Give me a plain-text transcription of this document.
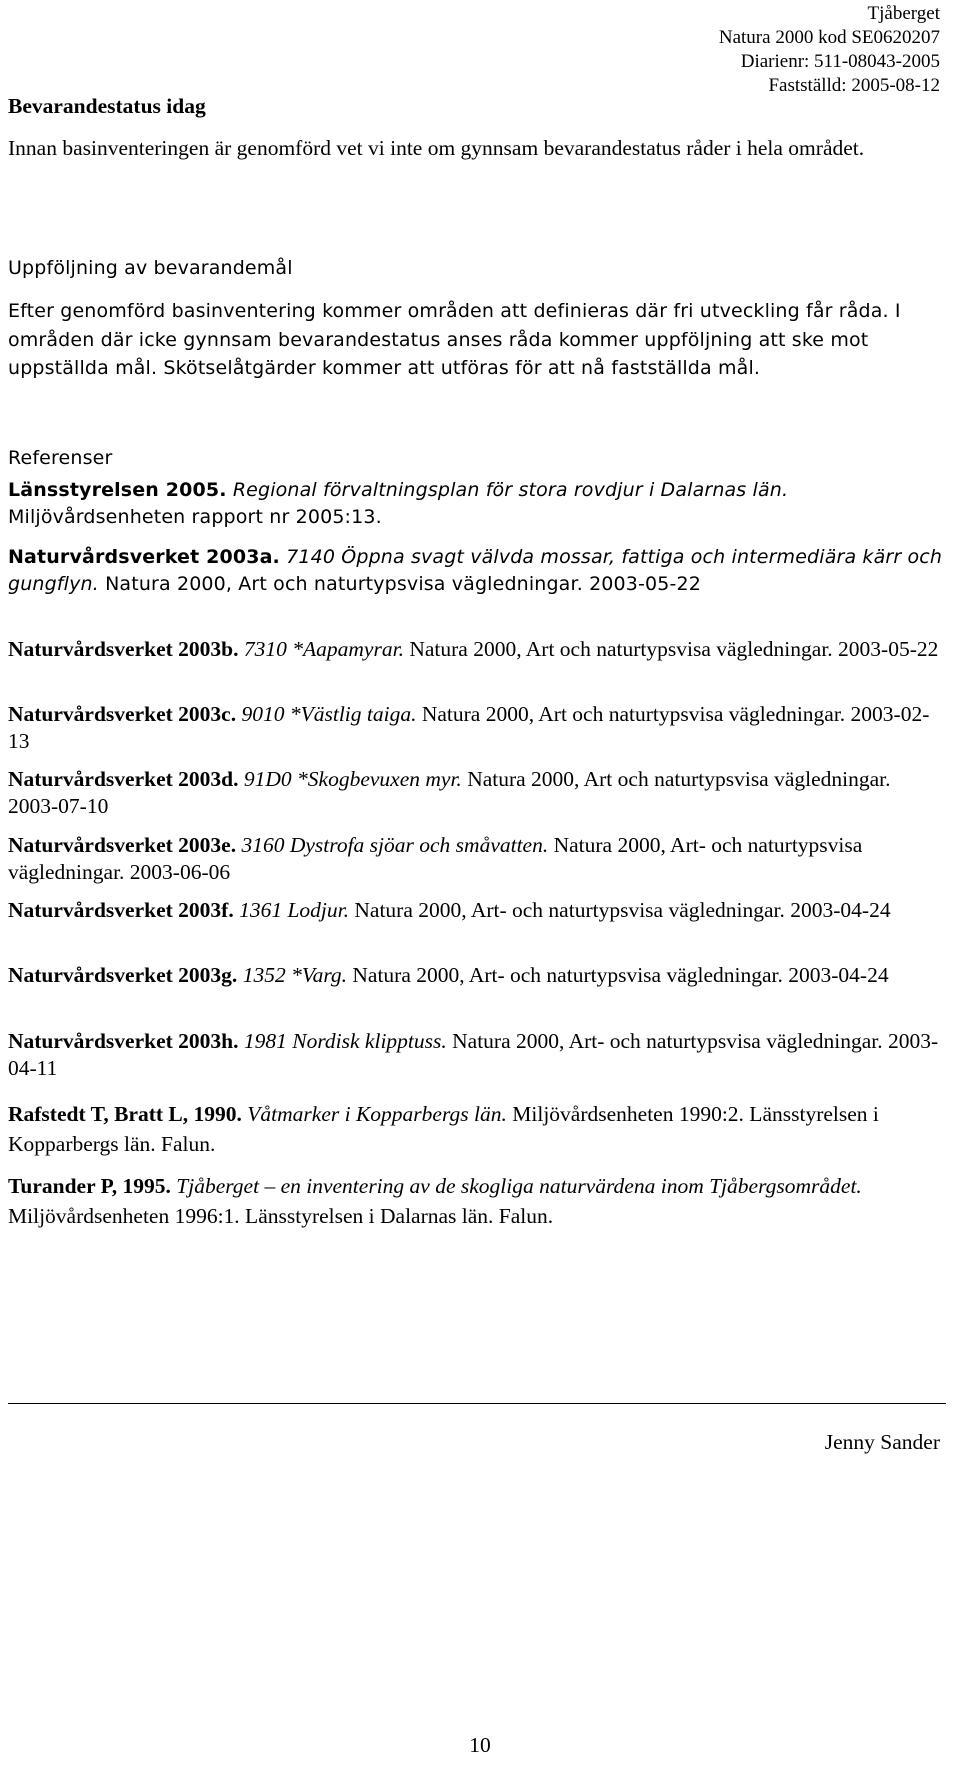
Tjåberget
Natura 2000 kod SE0620207
Diarienr: 511-08043-2005
Fastställd: 2005-08-12
Bevarandestatus idag
Innan basinventeringen är genomförd vet vi inte om gynnsam bevarandestatus råder i hela området.
Uppföljning av bevarandemål
Efter genomförd basinventering kommer områden att definieras där fri utveckling får råda. I områden där icke gynnsam bevarandestatus anses råda kommer uppföljning att ske mot uppställda mål. Skötselåtgärder kommer att utföras för att nå fastställda mål.
Referenser
Länsstyrelsen 2005. Regional förvaltningsplan för stora rovdjur i Dalarnas län. Miljövårdsenheten rapport nr 2005:13.
Naturvårdsverket 2003a. 7140 Öppna svagt välvda mossar, fattiga och intermediära kärr och gungflyn. Natura 2000, Art och naturtypsvisa vägledningar. 2003-05-22
Naturvårdsverket 2003b. 7310 *Aapamyrar. Natura 2000, Art och naturtypsvisa vägledningar. 2003-05-22
Naturvårdsverket 2003c. 9010 *Västlig taiga. Natura 2000, Art och naturtypsvisa vägledningar. 2003-02-13
Naturvårdsverket 2003d. 91D0 *Skogbevuxen myr. Natura 2000, Art och naturtypsvisa vägledningar. 2003-07-10
Naturvårdsverket 2003e. 3160 Dystrofa sjöar och småvatten. Natura 2000, Art- och naturtypsvisa vägledningar. 2003-06-06
Naturvårdsverket 2003f. 1361 Lodjur. Natura 2000, Art- och naturtypsvisa vägledningar. 2003-04-24
Naturvårdsverket 2003g. 1352 *Varg. Natura 2000, Art- och naturtypsvisa vägledningar. 2003-04-24
Naturvårdsverket 2003h. 1981 Nordisk klipptuss. Natura 2000, Art- och naturtypsvisa vägledningar. 2003-04-11
Rafstedt T, Bratt L, 1990. Våtmarker i Kopparbergs län. Miljövårdsenheten 1990:2. Länsstyrelsen i Kopparbergs län. Falun.
Turander P, 1995. Tjåberget – en inventering av de skogliga naturvärdena inom Tjåbergsområdet. Miljövårdsenheten 1996:1. Länsstyrelsen i Dalarnas län. Falun.
Jenny Sander
10
